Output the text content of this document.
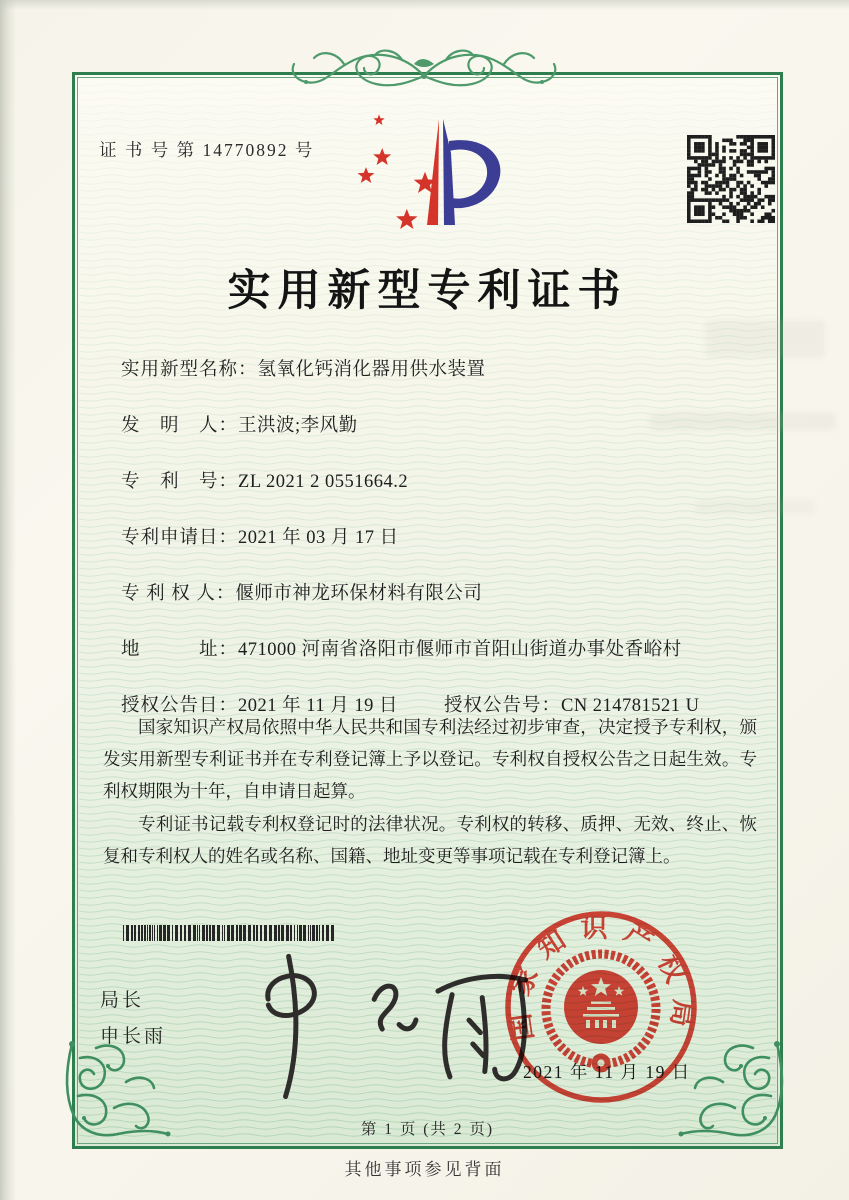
证 书 号 第 14770892 号
实用新型专利证书
实用新型名称：氢氧化钙消化器用供水装置
发　明　人：王洪波;李风勤
专　利　号：ZL 2021 2 0551664.2
专利申请日：2021 年 03 月 17 日
专 利 权 人：偃师市神龙环保材料有限公司
地　　　址：471000 河南省洛阳市偃师市首阳山街道办事处香峪村
授权公告日：2021 年 11 月 19 日 授权公告号：CN 214781521 U

国家知识产权局依照中华人民共和国专利法经过初步审查，决定授予专利权，颁发实用新型专利证书并在专利登记簿上予以登记。专利权自授权公告之日起生效。专利权期限为十年，自申请日起算。

专利证书记载专利权登记时的法律状况。专利权的转移、质押、无效、终止、恢复和专利权人的姓名或名称、国籍、地址变更等事项记载在专利登记簿上。

局长
申长雨	国家知识产权局
2021 年 11 月 19 日
第 1 页 (共 2 页)
其他事项参见背面
